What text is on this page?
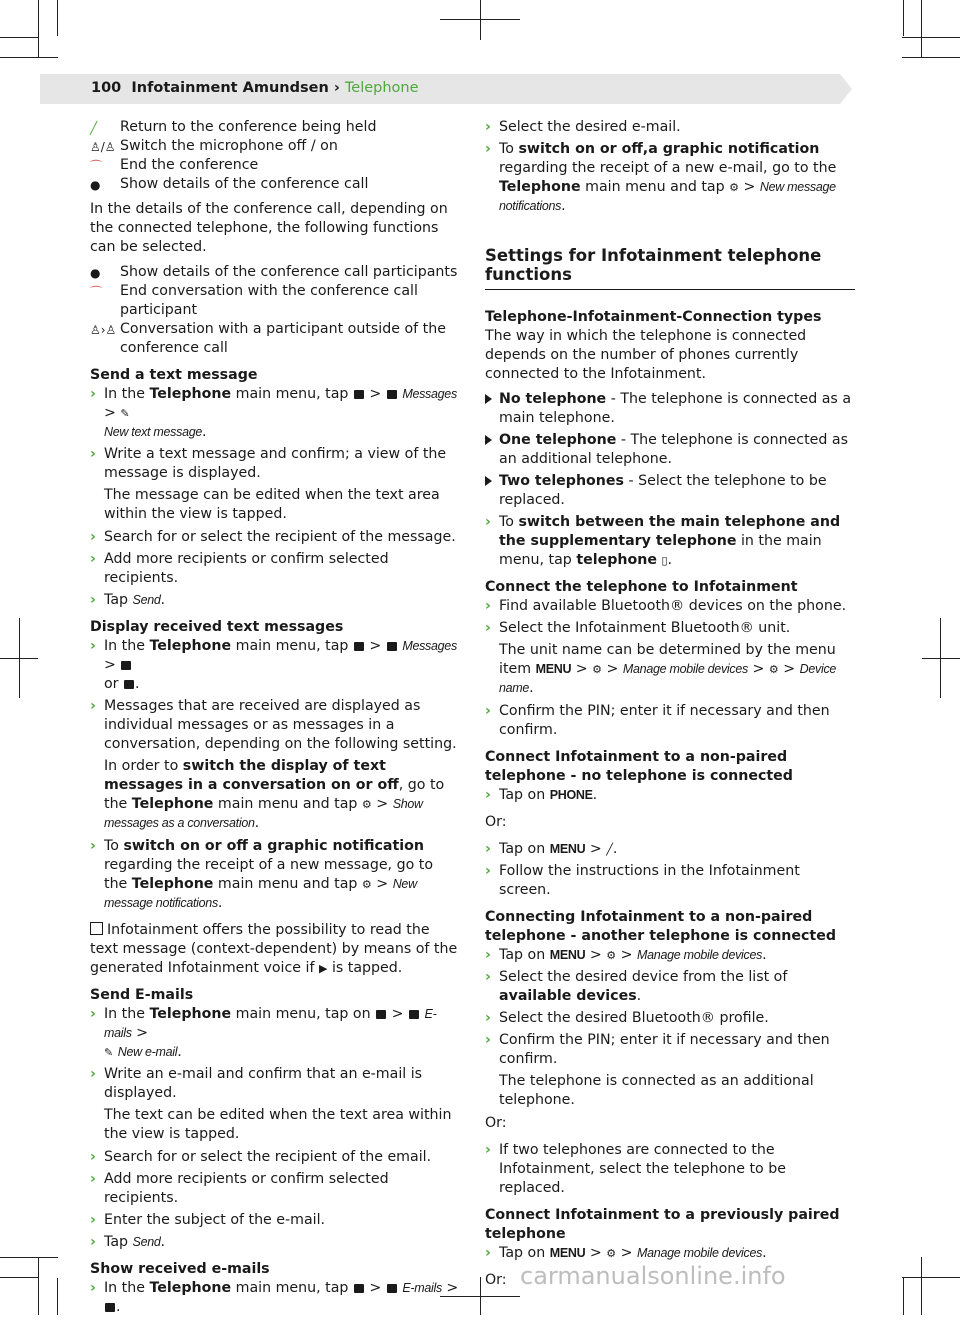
100 Infotainment Amundsen › Telephone
╱ Return to the conference being held
♙/♙ Switch the microphone off / on
⌒ End the conference
● Show details of the conference call

In the details of the conference call, depending on the connected telephone, the following functions can be selected.

● Show details of the conference call participants
⌒ End conversation with the conference call participant
♙›♙ Conversation with a participant outside of the conference call

Send a text message

› In the Telephone main menu, tap  >  Messages > ✎
New text message.
› Write a text message and confirm; a view of the message is displayed.
The message can be edited when the text area within the view is tapped.
› Search for or select the recipient of the message.
› Add more recipients or confirm selected recipients.
› Tap Send.

Display received text messages

› In the Telephone main menu, tap  >  Messages >
or .
› Messages that are received are displayed as individual messages or as messages in a conversation, depending on the following setting.
In order to switch the display of text messages in a conversation on or off, go to the Telephone main menu and tap ⚙ > Show messages as a conversation.
› To switch on or off a graphic notification regarding the receipt of a new message, go to the Telephone main menu and tap ⚙ > New message notifications.

Infotainment offers the possibility to read the text message (context-dependent) by means of the generated Infotainment voice if ▶ is tapped.

Send E-mails

› In the Telephone main menu, tap on  >  E-mails >
✎ New e-mail.
› Write an e-mail and confirm that an e-mail is displayed.
The text can be edited when the text area within the view is tapped.
› Search for or select the recipient of the email.
› Add more recipients or confirm selected recipients.
› Enter the subject of the e-mail.
› Tap Send.

Show received e-mails

› In the Telephone main menu, tap  >  E-mails > .
› Select the desired e-mail.
› To switch on or off,a graphic notification regarding the receipt of a new e-mail, go to the Telephone main menu and tap ⚙ > New message notifications.
Settings for Infotainment telephone functions

Telephone-Infotainment-Connection types

The way in which the telephone is connected depends on the number of phones currently connected to the Infotainment.

No telephone - The telephone is connected as a main telephone.
One telephone - The telephone is connected as an additional telephone.
Two telephones - Select the telephone to be replaced.
› To switch between the main telephone and the supplementary telephone in the main menu, tap telephone ▯.

Connect the telephone to Infotainment

› Find available Bluetooth® devices on the phone.
› Select the Infotainment Bluetooth® unit.
The unit name can be determined by the menu item MENU > ⚙ > Manage mobile devices > ⚙ > Device name.
› Confirm the PIN; enter it if necessary and then confirm.

Connect Infotainment to a non-paired telephone - no telephone is connected

› Tap on PHONE.

Or:

› Tap on MENU > ╱.
› Follow the instructions in the Infotainment screen.

Connecting Infotainment to a non-paired telephone - another telephone is connected

› Tap on MENU > ⚙ > Manage mobile devices.
› Select the desired device from the list of available devices.
› Select the desired Bluetooth® profile.
› Confirm the PIN; enter it if necessary and then confirm.
The telephone is connected as an additional telephone.

Or:

› If two telephones are connected to the Infotainment, select the telephone to be replaced.

Connect Infotainment to a previously paired telephone

› Tap on MENU > ⚙ > Manage mobile devices.

Or: carmanualsonline.info
